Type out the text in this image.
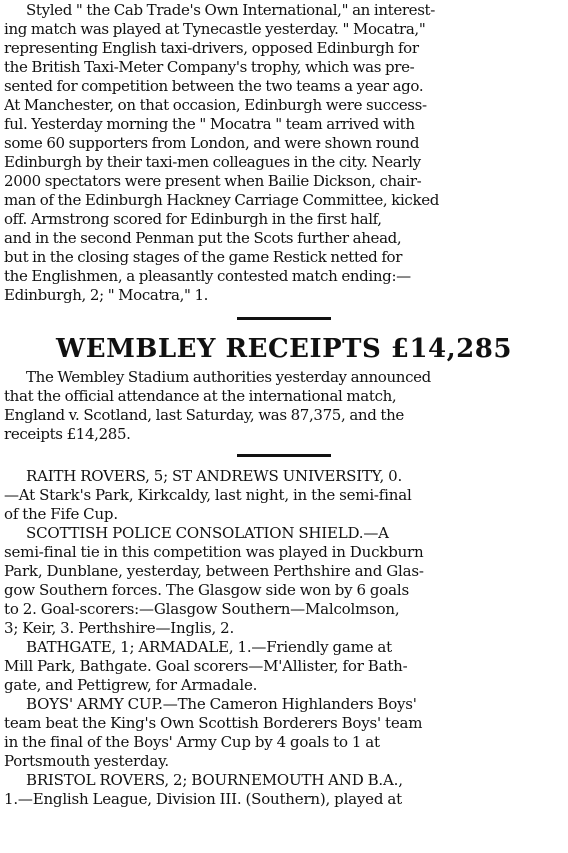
Styled " the Cab Trade's Own International," an interest-
ing match was played at Tynecastle yesterday. " Mocatra,"
representing English taxi-drivers, opposed Edinburgh for
the British Taxi-Meter Company's trophy, which was pre-
sented for competition between the two teams a year ago.
At Manchester, on that occasion, Edinburgh were success-
ful. Yesterday morning the " Mocatra " team arrived with
some 60 supporters from London, and were shown round
Edinburgh by their taxi-men colleagues in the city. Nearly
2000 spectators were present when Bailie Dickson, chair-
man of the Edinburgh Hackney Carriage Committee, kicked
off. Armstrong scored for Edinburgh in the first half,
and in the second Penman put the Scots further ahead,
but in the closing stages of the game Restick netted for
the Englishmen, a pleasantly contested match ending:—
Edinburgh, 2; " Mocatra," 1.
WEMBLEY RECEIPTS £14,285
The Wembley Stadium authorities yesterday announced
that the official attendance at the international match,
England v. Scotland, last Saturday, was 87,375, and the
receipts £14,285.
RAITH ROVERS, 5; ST ANDREWS UNIVERSITY, 0.
—At Stark's Park, Kirkcaldy, last night, in the semi-final
of the Fife Cup.
SCOTTISH POLICE CONSOLATION SHIELD.—A
semi-final tie in this competition was played in Duckburn
Park, Dunblane, yesterday, between Perthshire and Glas-
gow Southern forces. The Glasgow side won by 6 goals
to 2. Goal-scorers:—Glasgow Southern—Malcolmson,
3; Keir, 3. Perthshire—Inglis, 2.
BATHGATE, 1; ARMADALE, 1.—Friendly game at
Mill Park, Bathgate. Goal scorers—M'Allister, for Bath-
gate, and Pettigrew, for Armadale.
BOYS' ARMY CUP.—The Cameron Highlanders Boys'
team beat the King's Own Scottish Borderers Boys' team
in the final of the Boys' Army Cup by 4 goals to 1 at
Portsmouth yesterday.
BRISTOL ROVERS, 2; BOURNEMOUTH AND B.A.,
1.—English League, Division III. (Southern), played at
